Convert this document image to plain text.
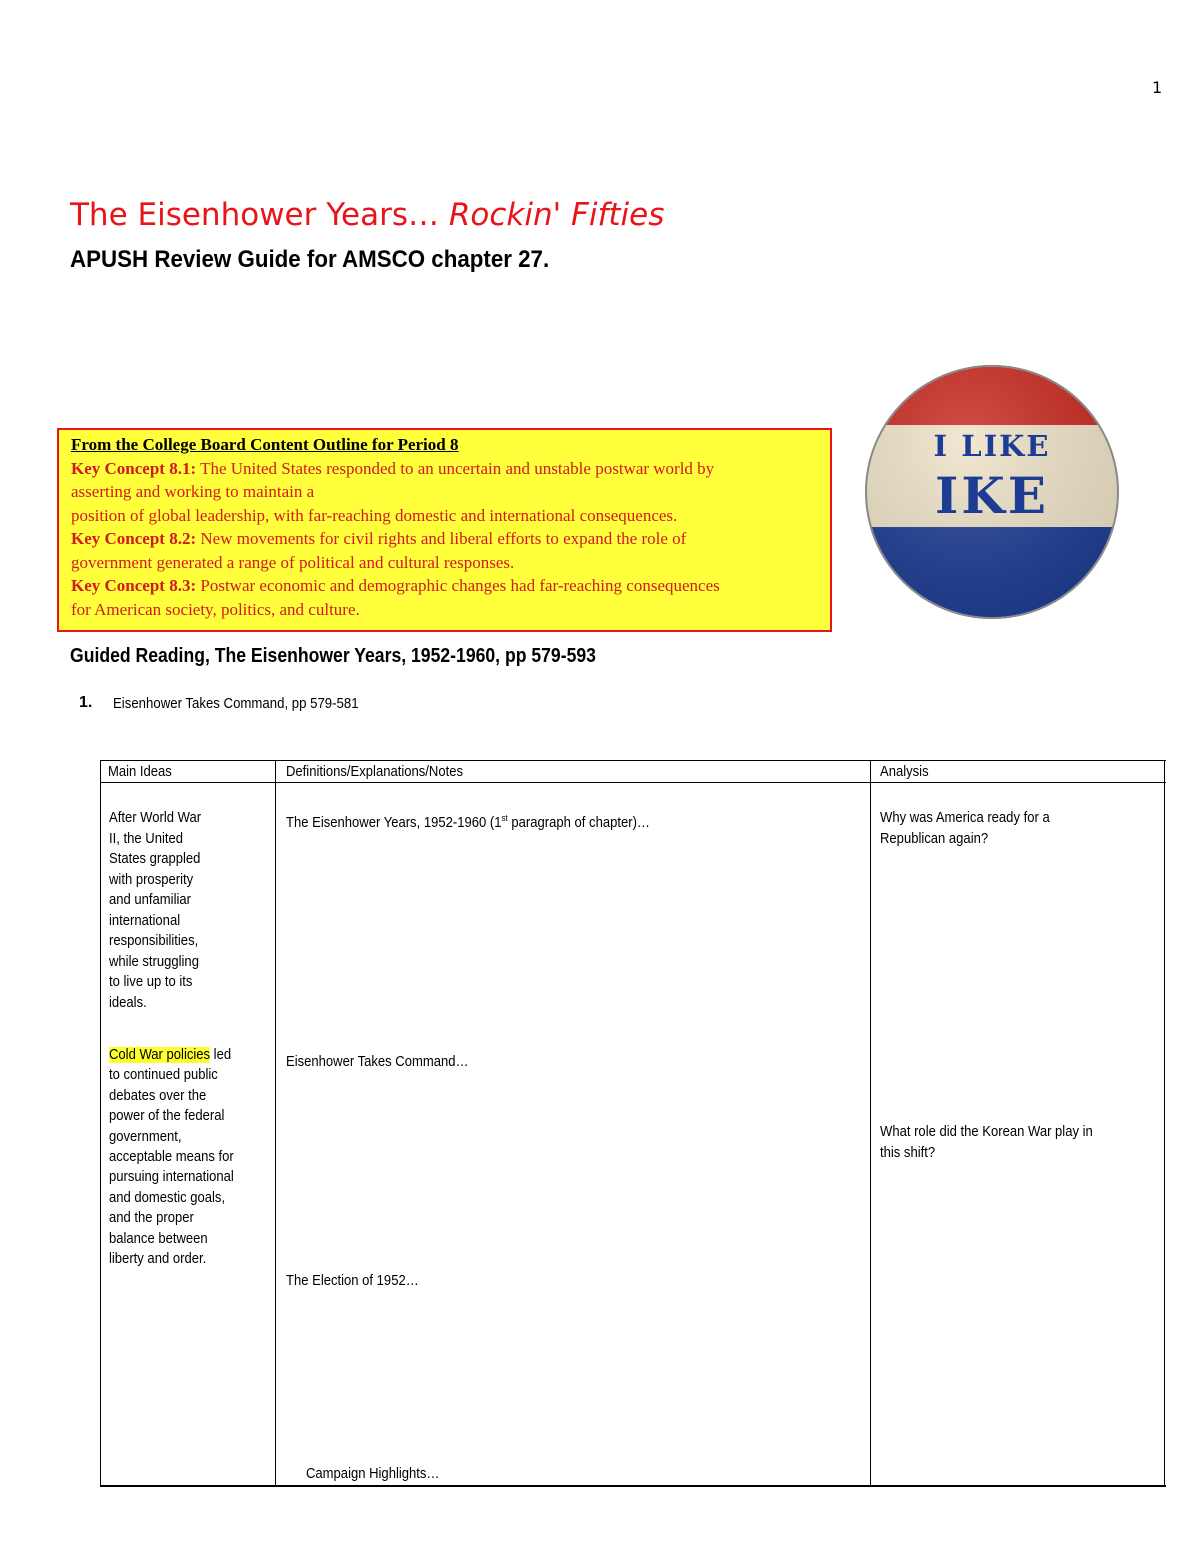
1
The Eisenhower Years… Rockin' Fifties
APUSH Review Guide for AMSCO chapter 27.
I LIKE
IKE
From the College Board Content Outline for Period 8
Key Concept 8.1: The United States responded to an uncertain and unstable postwar world by
asserting and working to maintain a
position of global leadership, with far-reaching domestic and international consequences.
Key Concept 8.2: New movements for civil rights and liberal efforts to expand the role of
government generated a range of political and cultural responses.
Key Concept 8.3: Postwar economic and demographic changes had far-reaching consequences
for American society, politics, and culture.
Guided Reading, The Eisenhower Years, 1952-1960, pp 579-593
1. Eisenhower Takes Command, pp 579-581
Main Ideas	Definitions/Explanations/Notes	Analysis
After World War
II, the United
States grappled
with prosperity
and unfamiliar
international
responsibilities,
while struggling
to live up to its
ideals.
Cold War policies led
to continued public
debates over the
power of the federal
government,
acceptable means for
pursuing international
and domestic goals,
and the proper
balance between
liberty and order.
The Eisenhower Years, 1952-1960 (1st paragraph of chapter)…
Eisenhower Takes Command…
The Election of 1952…
Campaign Highlights…
Why was America ready for a
Republican again?
What role did the Korean War play in
this shift?
